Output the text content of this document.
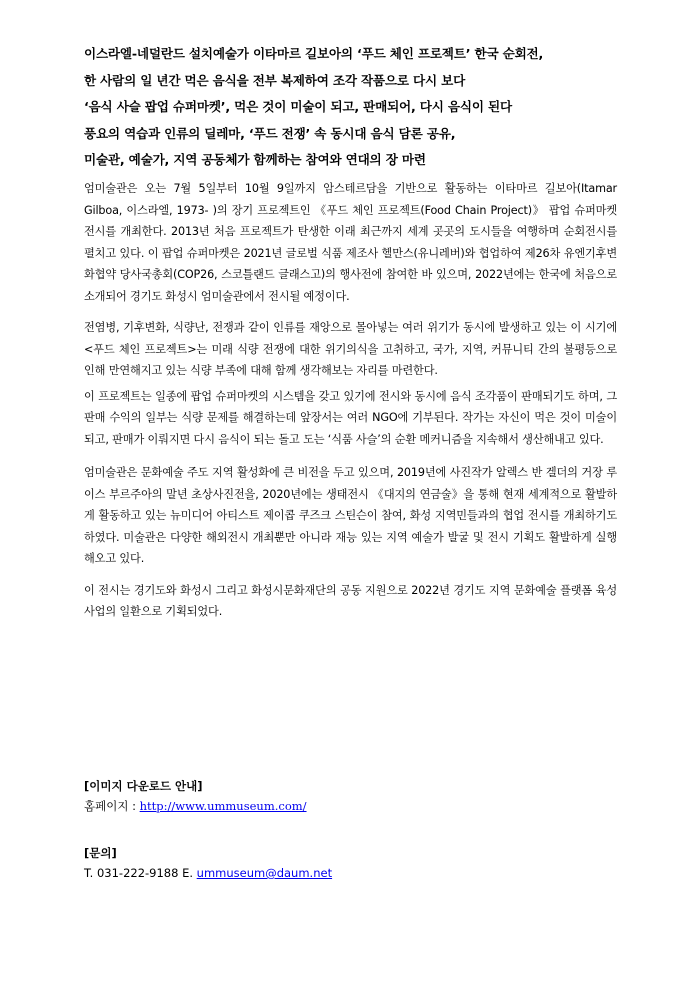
이스라엘-네덜란드 설치예술가 이타마르 길보아의 ‘푸드 체인 프로젝트’ 한국 순회전,
한 사람의 일 년간 먹은 음식을 전부 복제하여 조각 작품으로 다시 보다
‘음식 사슬 팝업 슈퍼마켓’, 먹은 것이 미술이 되고, 판매되어, 다시 음식이 된다
풍요의 역습과 인류의 딜레마, ‘푸드 전쟁’ 속 동시대 음식 담론 공유,
미술관, 예술가, 지역 공동체가 함께하는 참여와 연대의 장 마련

엄미술관은 오는 7월 5일부터 10월 9일까지 암스테르담을 기반으로 활동하는 이타마르 길보아(Itamar Gilboa, 이스라엘, 1973- )의 장기 프로젝트인 《푸드 체인 프로젝트(Food Chain Project)》 팝업 슈퍼마켓 전시를 개최한다. 2013년 처음 프로젝트가 탄생한 이래 최근까지 세계 곳곳의 도시들을 여행하며 순회전시를 펼치고 있다. 이 팝업 슈퍼마켓은 2021년 글로벌 식품 제조사 헬만스(유니레버)와 협업하여 제26차 유엔기후변화협약 당사국총회(COP26, 스코틀랜드 글래스고)의 행사전에 참여한 바 있으며, 2022년에는 한국에 처음으로 소개되어 경기도 화성시 엄미술관에서 전시될 예정이다.

전염병, 기후변화, 식량난, 전쟁과 같이 인류를 재앙으로 몰아넣는 여러 위기가 동시에 발생하고 있는 이 시기에 <푸드 체인 프로젝트>는 미래 식량 전쟁에 대한 위기의식을 고취하고, 국가, 지역, 커뮤니티 간의 불평등으로 인해 만연해지고 있는 식량 부족에 대해 함께 생각해보는 자리를 마련한다.

이 프로젝트는 일종에 팝업 슈퍼마켓의 시스템을 갖고 있기에 전시와 동시에 음식 조각품이 판매되기도 하며, 그 판매 수익의 일부는 식량 문제를 해결하는데 앞장서는 여러 NGO에 기부된다. 작가는 자신이 먹은 것이 미술이 되고, 판매가 이뤄지면 다시 음식이 되는 돌고 도는 ‘식품 사슬’의 순환 메커니즘을 지속해서 생산해내고 있다.

엄미술관은 문화예술 주도 지역 활성화에 큰 비전을 두고 있으며, 2019년에 사진작가 알렉스 반 겔더의 거장 루이스 부르주아의 말년 초상사진전을, 2020년에는 생태전시 《대지의 연금술》을 통해 현재 세계적으로 활발하게 활동하고 있는 뉴미디어 아티스트 제이콥 쿠즈크 스틴슨이 참여, 화성 지역민들과의 협업 전시를 개최하기도 하였다. 미술관은 다양한 해외전시 개최뿐만 아니라 재능 있는 지역 예술가 발굴 및 전시 기획도 활발하게 실행해오고 있다.

이 전시는 경기도와 화성시 그리고 화성시문화재단의 공동 지원으로 2022년 경기도 지역 문화예술 플랫폼 육성 사업의 일환으로 기획되었다.

[이미지 다운로드 안내]
홈페이지 : http://www.ummuseum.com/
[문의]
T. 031-222-9188 E. ummuseum@daum.net
